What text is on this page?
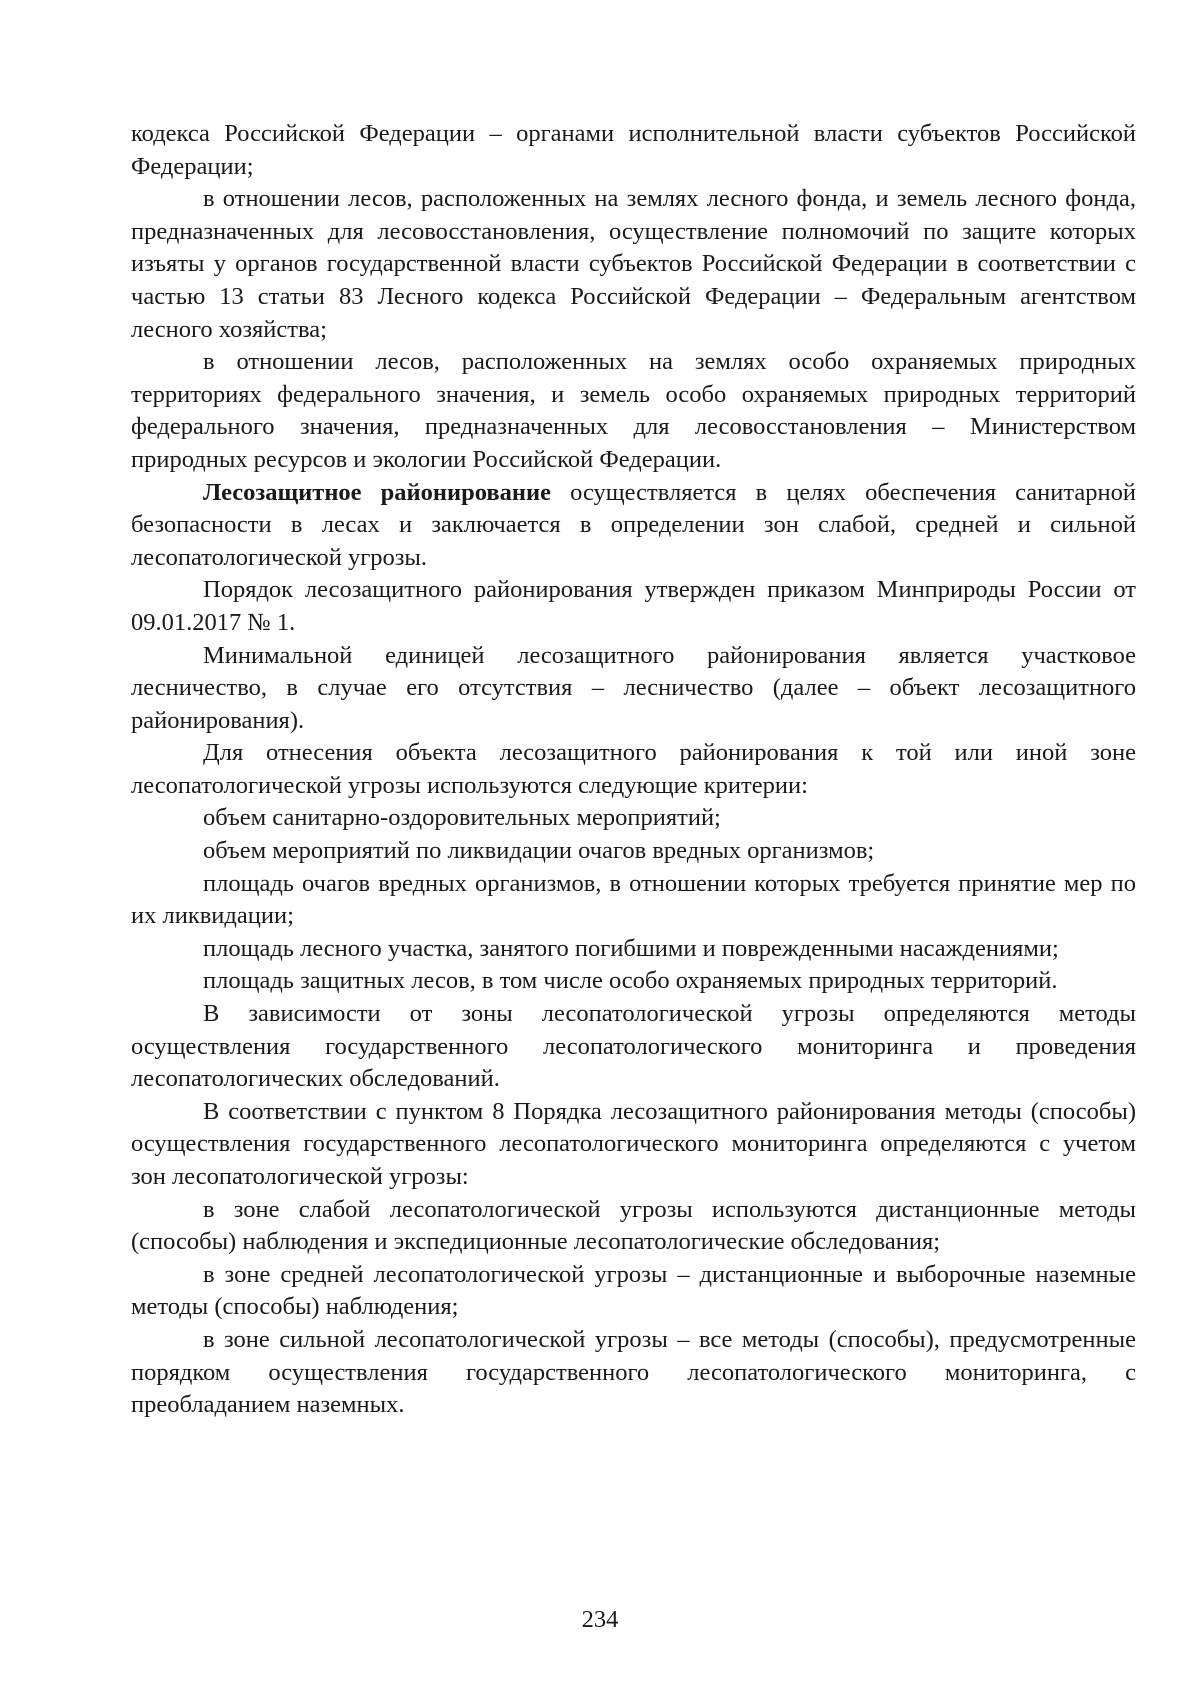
кодекса Российской Федерации – органами исполнительной власти субъектов Российской Федерации;

в отношении лесов, расположенных на землях лесного фонда, и земель лесного фонда, предназначенных для лесовосстановления, осуществление полномочий по защите которых изъяты у органов государственной власти субъектов Российской Федерации в соответствии с частью 13 статьи 83 Лесного кодекса Российской Федерации – Федеральным агентством лесного хозяйства;

в отношении лесов, расположенных на землях особо охраняемых природных территориях федерального значения, и земель особо охраняемых природных территорий федерального значения, предназначенных для лесовосстановления – Министерством природных ресурсов и экологии Российской Федерации.

Лесозащитное районирование осуществляется в целях обеспечения санитарной безопасности в лесах и заключается в определении зон слабой, средней и сильной лесопатологической угрозы.

Порядок лесозащитного районирования утвержден приказом Минприроды России от 09.01.2017 № 1.

Минимальной единицей лесозащитного районирования является участковое лесничество, в случае его отсутствия – лесничество (далее – объект лесозащитного районирования).

Для отнесения объекта лесозащитного районирования к той или иной зоне лесопатологической угрозы используются следующие критерии:

объем санитарно-оздоровительных мероприятий;

объем мероприятий по ликвидации очагов вредных организмов;

площадь очагов вредных организмов, в отношении которых требуется принятие мер по их ликвидации;

площадь лесного участка, занятого погибшими и поврежденными насаждениями;

площадь защитных лесов, в том числе особо охраняемых природных территорий.

В зависимости от зоны лесопатологической угрозы определяются методы осуществления государственного лесопатологического мониторинга и проведения лесопатологических обследований.

В соответствии с пунктом 8 Порядка лесозащитного районирования методы (способы) осуществления государственного лесопатологического мониторинга определяются с учетом зон лесопатологической угрозы:

в зоне слабой лесопатологической угрозы используются дистанционные методы (способы) наблюдения и экспедиционные лесопатологические обследования;

в зоне средней лесопатологической угрозы – дистанционные и выборочные наземные методы (способы) наблюдения;

в зоне сильной лесопатологической угрозы – все методы (способы), предусмотренные порядком осуществления государственного лесопатологического мониторинга, с преобладанием наземных.

234
